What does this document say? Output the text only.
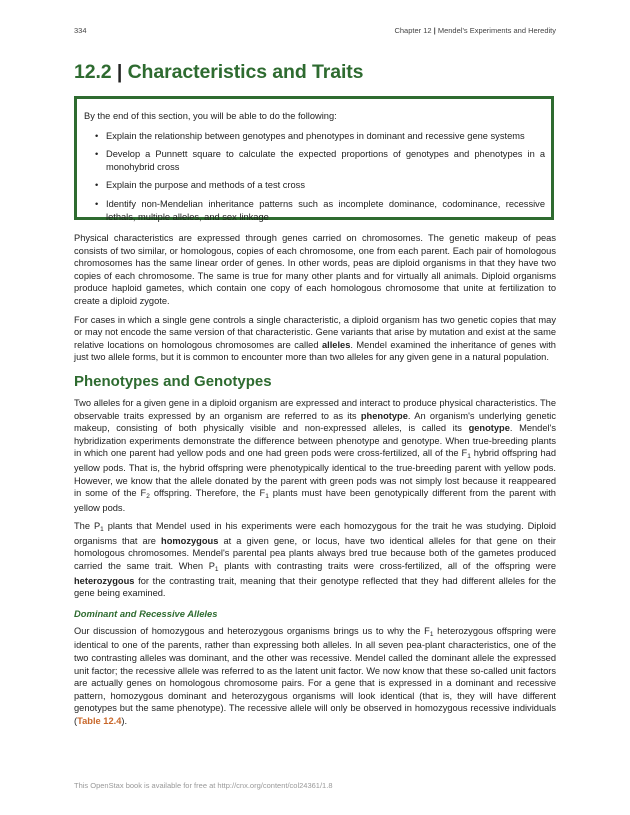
334	Chapter 12 | Mendel's Experiments and Heredity
12.2 | Characteristics and Traits

By the end of this section, you will be able to do the following:

• Explain the relationship between genotypes and phenotypes in dominant and recessive gene systems
• Develop a Punnett square to calculate the expected proportions of genotypes and phenotypes in a monohybrid cross
• Explain the purpose and methods of a test cross
• Identify non-Mendelian inheritance patterns such as incomplete dominance, codominance, recessive lethals, multiple alleles, and sex linkage

Physical characteristics are expressed through genes carried on chromosomes. The genetic makeup of peas consists of two similar, or homologous, copies of each chromosome, one from each parent. Each pair of homologous chromosomes has the same linear order of genes. In other words, peas are diploid organisms in that they have two copies of each chromosome. The same is true for many other plants and for virtually all animals. Diploid organisms produce haploid gametes, which contain one copy of each homologous chromosome that unite at fertilization to create a diploid zygote.

For cases in which a single gene controls a single characteristic, a diploid organism has two genetic copies that may or may not encode the same version of that characteristic. Gene variants that arise by mutation and exist at the same relative locations on homologous chromosomes are called alleles. Mendel examined the inheritance of genes with just two allele forms, but it is common to encounter more than two alleles for any given gene in a natural population.

Phenotypes and Genotypes

Two alleles for a given gene in a diploid organism are expressed and interact to produce physical characteristics. The observable traits expressed by an organism are referred to as its phenotype. An organism's underlying genetic makeup, consisting of both physically visible and non-expressed alleles, is called its genotype. Mendel's hybridization experiments demonstrate the difference between phenotype and genotype. When true-breeding plants in which one parent had yellow pods and one had green pods were cross-fertilized, all of the $F_1$ hybrid offspring had yellow pods. That is, the hybrid offspring were phenotypically identical to the true-breeding parent with yellow pods. However, we know that the allele donated by the parent with green pods was not simply lost because it reappeared in some of the $F_2$ offspring. Therefore, the $F_1$ plants must have been genotypically different from the parent with yellow pods.

The $P_1$ plants that Mendel used in his experiments were each homozygous for the trait he was studying. Diploid organisms that are homozygous at a given gene, or locus, have two identical alleles for that gene on their homologous chromosomes. Mendel's parental pea plants always bred true because both of the gametes produced carried the same trait. When $P_1$ plants with contrasting traits were cross-fertilized, all of the offspring were heterozygous for the contrasting trait, meaning that their genotype reflected that they had different alleles for the gene being examined.

Dominant and Recessive Alleles

Our discussion of homozygous and heterozygous organisms brings us to why the $F_1$ heterozygous offspring were identical to one of the parents, rather than expressing both alleles. In all seven pea-plant characteristics, one of the two contrasting alleles was dominant, and the other was recessive. Mendel called the dominant allele the expressed unit factor; the recessive allele was referred to as the latent unit factor. We now know that these so-called unit factors are actually genes on homologous chromosome pairs. For a gene that is expressed in a dominant and recessive pattern, homozygous dominant and heterozygous organisms will look identical (that is, they will have different genotypes but the same phenotype). The recessive allele will only be observed in homozygous recessive individuals (Table 12.4).

This OpenStax book is available for free at http://cnx.org/content/col24361/1.8
